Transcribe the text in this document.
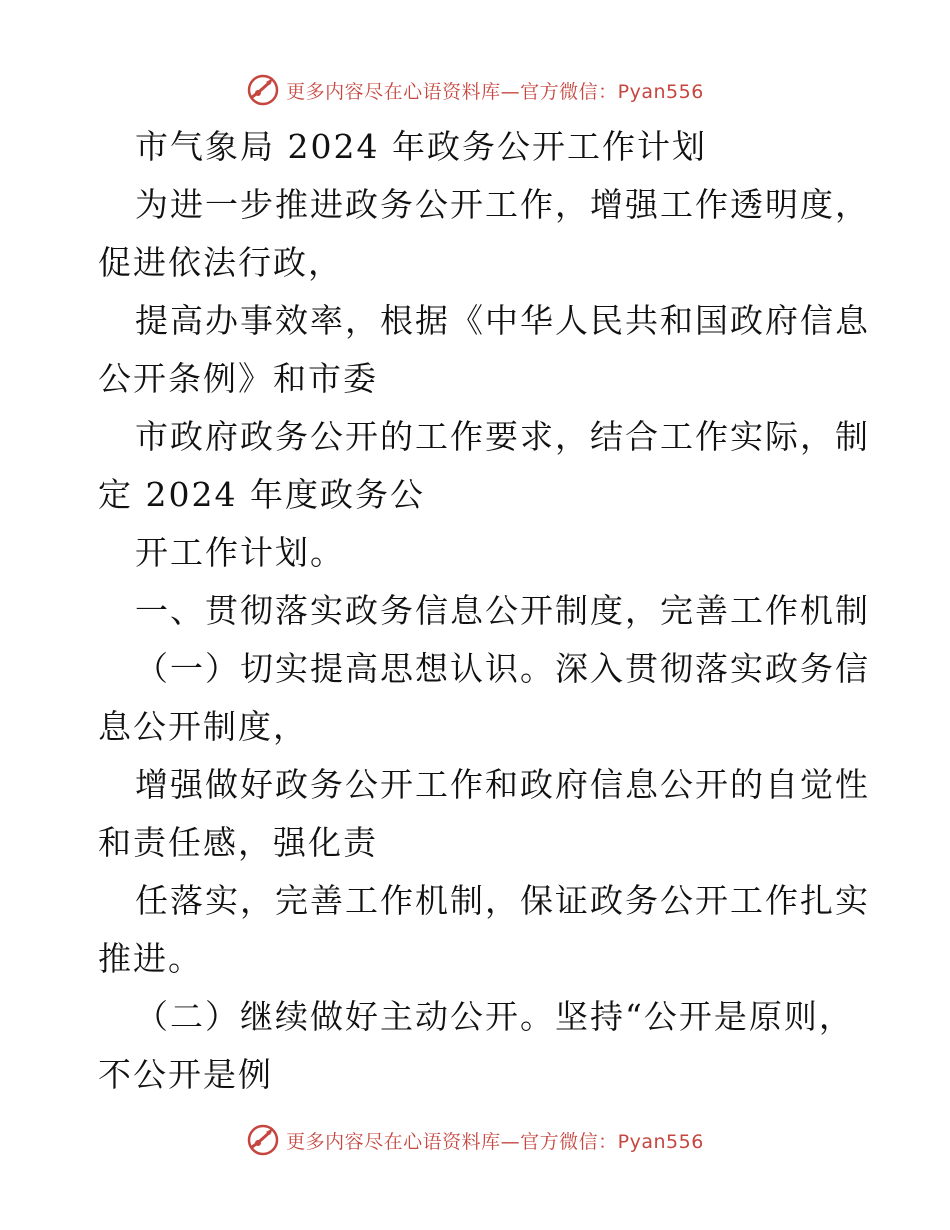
更多内容尽在心语资料库—官方微信：Pyan556
市气象局 2024 年政务公开工作计划
为进一步推进政务公开工作，增强工作透明度，
促进依法行政，
提高办事效率，根据《中华人民共和国政府信息
公开条例》和市委
市政府政务公开的工作要求，结合工作实际，制
定 2024 年度政务公
开工作计划。
一、贯彻落实政务信息公开制度，完善工作机制
（一）切实提高思想认识。深入贯彻落实政务信
息公开制度，
增强做好政务公开工作和政府信息公开的自觉性
和责任感，强化责
任落实，完善工作机制，保证政务公开工作扎实
推进。
（二）继续做好主动公开。坚持“公开是原则，
不公开是例
更多内容尽在心语资料库—官方微信：Pyan556
